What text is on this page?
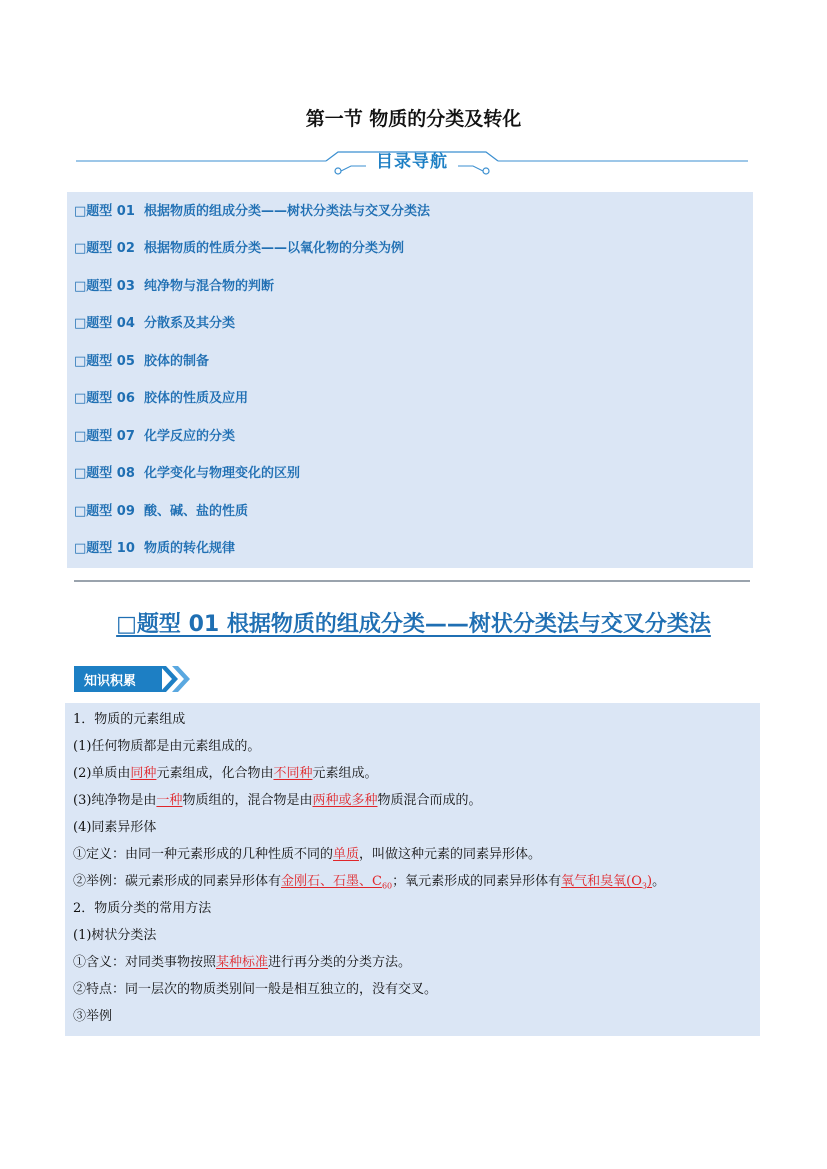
第一节 物质的分类及转化
目录导航
□题型 01 根据物质的组成分类——树状分类法与交叉分类法
□题型 02 根据物质的性质分类——以氧化物的分类为例
□题型 03 纯净物与混合物的判断
□题型 04 分散系及其分类
□题型 05 胶体的制备
□题型 06 胶体的性质及应用
□题型 07 化学反应的分类
□题型 08 化学变化与物理变化的区别
□题型 09 酸、碱、盐的性质
□题型 10 物质的转化规律
□题型 01 根据物质的组成分类——树状分类法与交叉分类法
知识积累
1．物质的元素组成
(1)任何物质都是由元素组成的。
(2)单质由同种元素组成，化合物由不同种元素组成。
(3)纯净物是由一种物质组的，混合物是由两种或多种物质混合而成的。
(4)同素异形体
①定义：由同一种元素形成的几种性质不同的单质，叫做这种元素的同素异形体。
②举例：碳元素形成的同素异形体有金刚石、石墨、$C_{60}$；氧元素形成的同素异形体有氧气和臭氧$(O_3)$。
2．物质分类的常用方法
(1)树状分类法
①含义：对同类事物按照某种标准进行再分类的分类方法。
②特点：同一层次的物质类别间一般是相互独立的，没有交叉。
③举例
